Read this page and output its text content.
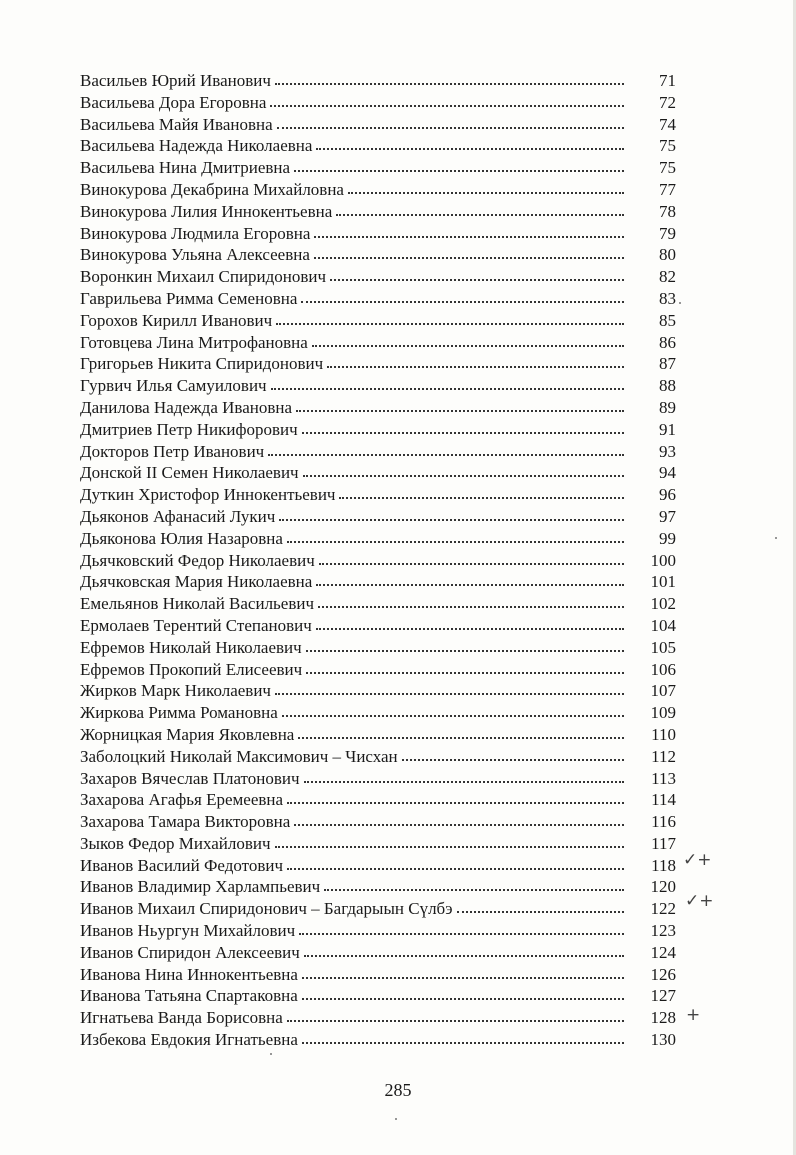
Васильев Юрий Иванович	71
Васильева Дора Егоровна	72
Васильева Майя Ивановна	74
Васильева Надежда Николаевна	75
Васильева Нина Дмитриевна	75
Винокурова Декабрина Михайловна	77
Винокурова Лилия Иннокентьевна	78
Винокурова Людмила Егоровна	79
Винокурова Ульяна Алексеевна	80
Воронкин Михаил Спиридонович	82
Гаврильева Римма Семеновна	83
Горохов Кирилл Иванович	85
Готовцева Лина Митрофановна	86
Григорьев Никита Спиридонович	87
Гурвич Илья Самуилович	88
Данилова Надежда Ивановна	89
Дмитриев Петр Никифорович	91
Докторов Петр Иванович	93
Донской II Семен Николаевич	94
Дуткин Христофор Иннокентьевич	96
Дьяконов Афанасий Лукич	97
Дьяконова Юлия Назаровна	99
Дьячковский Федор Николаевич	100
Дьячковская Мария Николаевна	101
Емельянов Николай Васильевич	102
Ермолаев Терентий Степанович	104
Ефремов Николай Николаевич	105
Ефремов Прокопий Елисеевич	106
Жирков Марк Николаевич	107
Жиркова Римма Романовна	109
Жорницкая Мария Яковлевна	110
Заболоцкий Николай Максимович – Чисхан	112
Захаров Вячеслав Платонович	113
Захарова Агафья Еремеевна	114
Захарова Тамара Викторовна	116
Зыков Федор Михайлович	117
Иванов Василий Федотович	118
Иванов Владимир Харлампьевич	120
Иванов Михаил Спиридонович – Багдарыын Сүлбэ	122
Иванов Ньургун Михайлович	123
Иванов Спиридон Алексеевич	124
Иванова Нина Иннокентьевна	126
Иванова Татьяна Спартаковна	127
Игнатьева Ванда Борисовна	128
Избекова Евдокия Игнатьевна	130
285
✓+
✓+
+
